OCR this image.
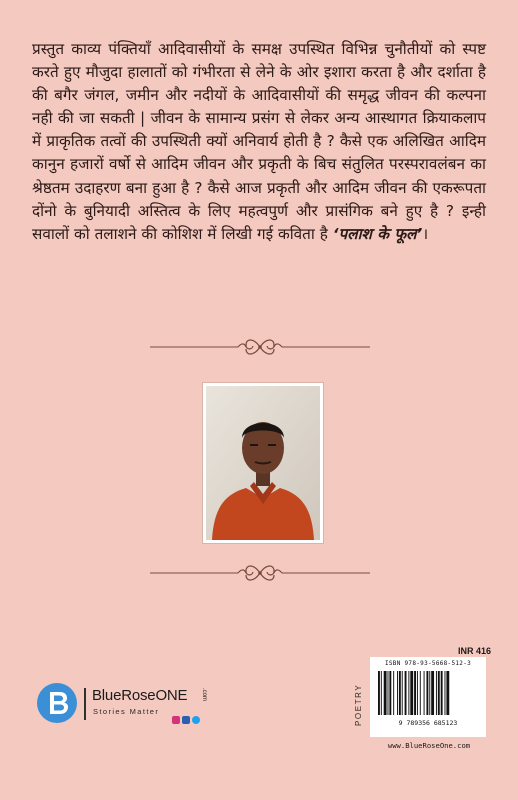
प्रस्तुत काव्य पंक्तियाँ आदिवासीयों के समक्ष उपस्थित विभिन्न चुनौतीयों को स्पष्ट करते हुए मौजुदा हालातों को गंभीरता से लेने के ओर इशारा करता है और दर्शाता है की बगैर जंगल, जमीन और नदीयों के आदिवासीयों की समृद्ध जीवन की कल्पना नही की जा सकती | जीवन के सामान्य प्रसंग से लेकर अन्य आस्थागत क्रियाकलाप में प्राकृतिक तत्वों की उपस्थिती क्यों अनिवार्य होती है ? कैसे एक अलिखित आदिम कानुन हजारों वर्षो से आदिम जीवन और प्रकृती के बिच संतुलित परस्परावलंबन का श्रेष्ठतम उदाहरण बना हुआ है ? कैसे आज प्रकृती और आदिम जीवन की एकरूपता दोंनो के बुनियादी अस्तित्व के लिए महत्वपुर्ण और प्रासंगिक बने हुए है ? इन्ही सवालों को तलाशने की कोशिश में लिखी गई कविता है ‘पलाश के फूल’।

BlueRoseONE .com
Stories Matter
INR 416
POETRY
ISBN 978-93-5668-512-3
9 789356 685123
www.BlueRoseOne.com
